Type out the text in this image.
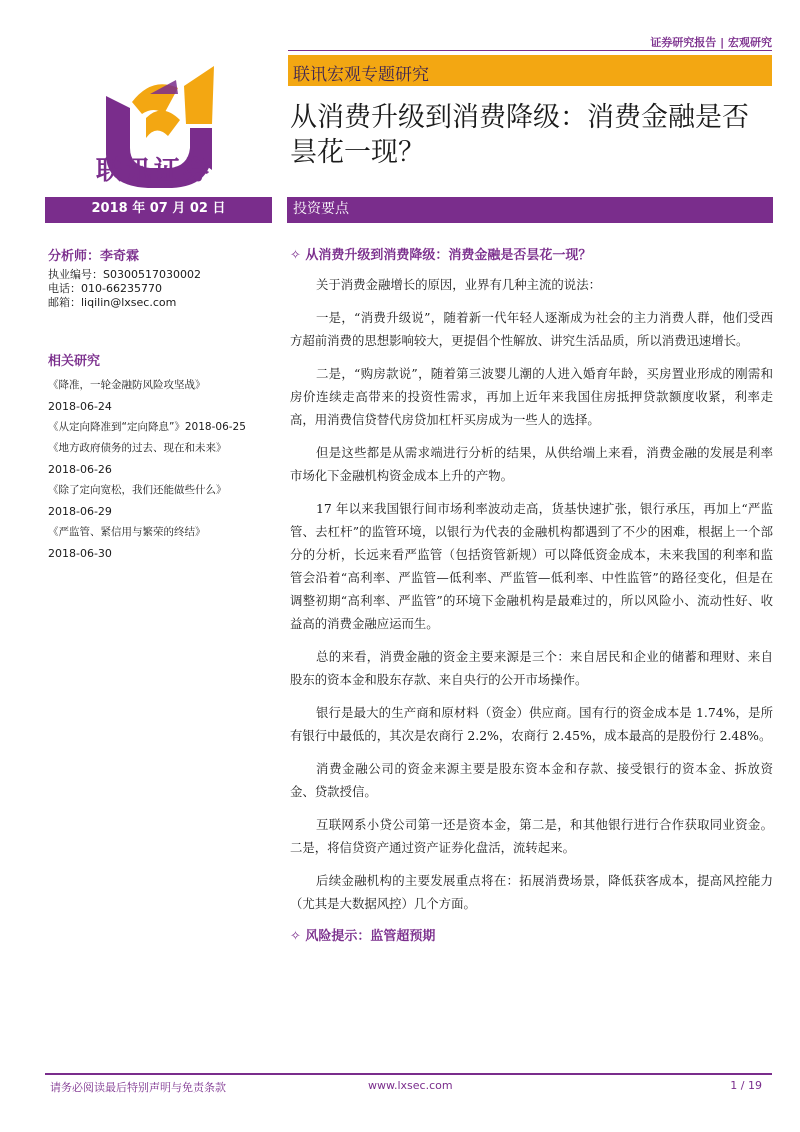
证券研究报告 | 宏观研究
联讯证券
联讯宏观专题研究
从消费升级到消费降级：消费金融是否昙花一现？
2018 年 07 月 02 日	投资要点
分析师：李奇霖
执业编号：S0300517030002
电话：010-66235770
邮箱：liqilin@lxsec.com
相关研究
《降准，一轮金融防风险攻坚战》
2018-06-24
《从定向降准到“定向降息”》2018-06-25
《地方政府债务的过去、现在和未来》
2018-06-26
《除了定向宽松，我们还能做些什么》
2018-06-29
《严监管、紧信用与繁荣的终结》
2018-06-30
✧ 从消费升级到消费降级：消费金融是否昙花一现？

关于消费金融增长的原因，业界有几种主流的说法：

一是，“消费升级说”，随着新一代年轻人逐渐成为社会的主力消费人群，他们受西方超前消费的思想影响较大，更提倡个性解放、讲究生活品质，所以消费迅速增长。

二是，“购房款说”，随着第三波婴儿潮的人进入婚育年龄，买房置业形成的刚需和房价连续走高带来的投资性需求，再加上近年来我国住房抵押贷款额度收紧，利率走高，用消费信贷替代房贷加杠杆买房成为一些人的选择。

但是这些都是从需求端进行分析的结果，从供给端上来看，消费金融的发展是利率市场化下金融机构资金成本上升的产物。

17 年以来我国银行间市场利率波动走高，货基快速扩张，银行承压，再加上“严监管、去杠杆”的监管环境，以银行为代表的金融机构都遇到了不少的困难，根据上一个部分的分析，长远来看严监管（包括资管新规）可以降低资金成本，未来我国的利率和监管会沿着“高利率、严监管—低利率、严监管—低利率、中性监管”的路径变化，但是在调整初期“高利率、严监管”的环境下金融机构是最难过的，所以风险小、流动性好、收益高的消费金融应运而生。

总的来看，消费金融的资金主要来源是三个：来自居民和企业的储蓄和理财、来自股东的资本金和股东存款、来自央行的公开市场操作。

银行是最大的生产商和原材料（资金）供应商。国有行的资金成本是 1.74%，是所有银行中最低的，其次是农商行 2.2%，农商行 2.45%，成本最高的是股份行 2.48%。

消费金融公司的资金来源主要是股东资本金和存款、接受银行的资本金、拆放资金、贷款授信。

互联网系小贷公司第一还是资本金，第二是，和其他银行进行合作获取同业资金。二是，将信贷资产通过资产证券化盘活，流转起来。

后续金融机构的主要发展重点将在：拓展消费场景，降低获客成本，提高风控能力（尤其是大数据风控）几个方面。

✧ 风险提示：监管超预期
请务必阅读最后特别声明与免责条款	www.lxsec.com	1 / 19
